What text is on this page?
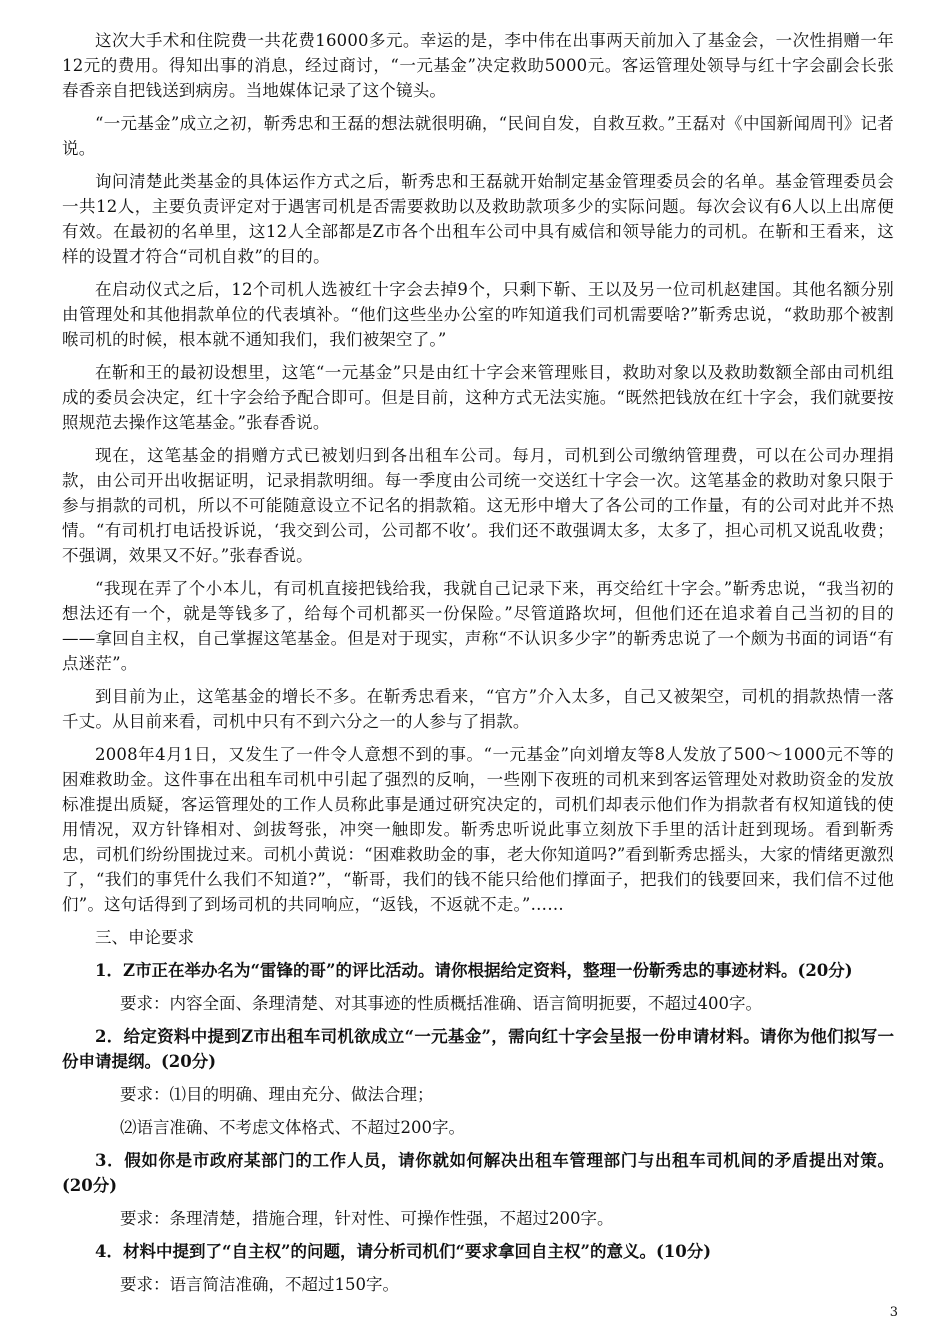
这次大手术和住院费一共花费16000多元。幸运的是，李中伟在出事两天前加入了基金会，一次性捐赠一年12元的费用。得知出事的消息，经过商讨，“一元基金”决定救助5000元。客运管理处领导与红十字会副会长张春香亲自把钱送到病房。当地媒体记录了这个镜头。

“一元基金”成立之初，靳秀忠和王磊的想法就很明确，“民间自发，自救互救。”王磊对《中国新闻周刊》记者说。

询问清楚此类基金的具体运作方式之后，靳秀忠和王磊就开始制定基金管理委员会的名单。基金管理委员会一共12人，主要负责评定对于遇害司机是否需要救助以及救助款项多少的实际问题。每次会议有6人以上出席便有效。在最初的名单里，这12人全部都是Z市各个出租车公司中具有威信和领导能力的司机。在靳和王看来，这样的设置才符合“司机自救”的目的。

在启动仪式之后，12个司机人选被红十字会去掉9个，只剩下靳、王以及另一位司机赵建国。其他名额分别由管理处和其他捐款单位的代表填补。“他们这些坐办公室的咋知道我们司机需要啥?”靳秀忠说，“救助那个被割喉司机的时候，根本就不通知我们，我们被架空了。”

在靳和王的最初设想里，这笔“一元基金”只是由红十字会来管理账目，救助对象以及救助数额全部由司机组成的委员会决定，红十字会给予配合即可。但是目前，这种方式无法实施。“既然把钱放在红十字会，我们就要按照规范去操作这笔基金。”张春香说。

现在，这笔基金的捐赠方式已被划归到各出租车公司。每月，司机到公司缴纳管理费，可以在公司办理捐款，由公司开出收据证明，记录捐款明细。每一季度由公司统一交送红十字会一次。这笔基金的救助对象只限于参与捐款的司机，所以不可能随意设立不记名的捐款箱。这无形中增大了各公司的工作量，有的公司对此并不热情。“有司机打电话投诉说，‘我交到公司，公司都不收’。我们还不敢强调太多，太多了，担心司机又说乱收费；不强调，效果又不好。”张春香说。

“我现在弄了个小本儿，有司机直接把钱给我，我就自己记录下来，再交给红十字会。”靳秀忠说，“我当初的想法还有一个，就是等钱多了，给每个司机都买一份保险。”尽管道路坎坷，但他们还在追求着自己当初的目的——拿回自主权，自己掌握这笔基金。但是对于现实，声称“不认识多少字”的靳秀忠说了一个颇为书面的词语“有点迷茫”。

到目前为止，这笔基金的增长不多。在靳秀忠看来，“官方”介入太多，自己又被架空，司机的捐款热情一落千丈。从目前来看，司机中只有不到六分之一的人参与了捐款。

2008年4月1日，又发生了一件令人意想不到的事。“一元基金”向刘增友等8人发放了500～1000元不等的困难救助金。这件事在出租车司机中引起了强烈的反响，一些刚下夜班的司机来到客运管理处对救助资金的发放标准提出质疑，客运管理处的工作人员称此事是通过研究决定的，司机们却表示他们作为捐款者有权知道钱的使用情况，双方针锋相对、剑拔弩张，冲突一触即发。靳秀忠听说此事立刻放下手里的活计赶到现场。看到靳秀忠，司机们纷纷围拢过来。司机小黄说：“困难救助金的事，老大你知道吗?”看到靳秀忠摇头，大家的情绪更激烈了，“我们的事凭什么我们不知道?”，“靳哥，我们的钱不能只给他们撑面子，把我们的钱要回来，我们信不过他们”。这句话得到了到场司机的共同响应，“返钱，不返就不走。”……

三、申论要求

1．Z市正在举办名为“雷锋的哥”的评比活动。请你根据给定资料，整理一份靳秀忠的事迹材料。(20分)

要求：内容全面、条理清楚、对其事迹的性质概括准确、语言简明扼要，不超过400字。

2．给定资料中提到Z市出租车司机欲成立“一元基金”，需向红十字会呈报一份申请材料。请你为他们拟写一份申请提纲。(20分)

要求：⑴目的明确、理由充分、做法合理；

⑵语言准确、不考虑文体格式、不超过200字。

3．假如你是市政府某部门的工作人员，请你就如何解决出租车管理部门与出租车司机间的矛盾提出对策。(20分)

要求：条理清楚，措施合理，针对性、可操作性强，不超过200字。

4．材料中提到了“自主权”的问题，请分析司机们“要求拿回自主权”的意义。(10分)

要求：语言简洁准确，不超过150字。

3
